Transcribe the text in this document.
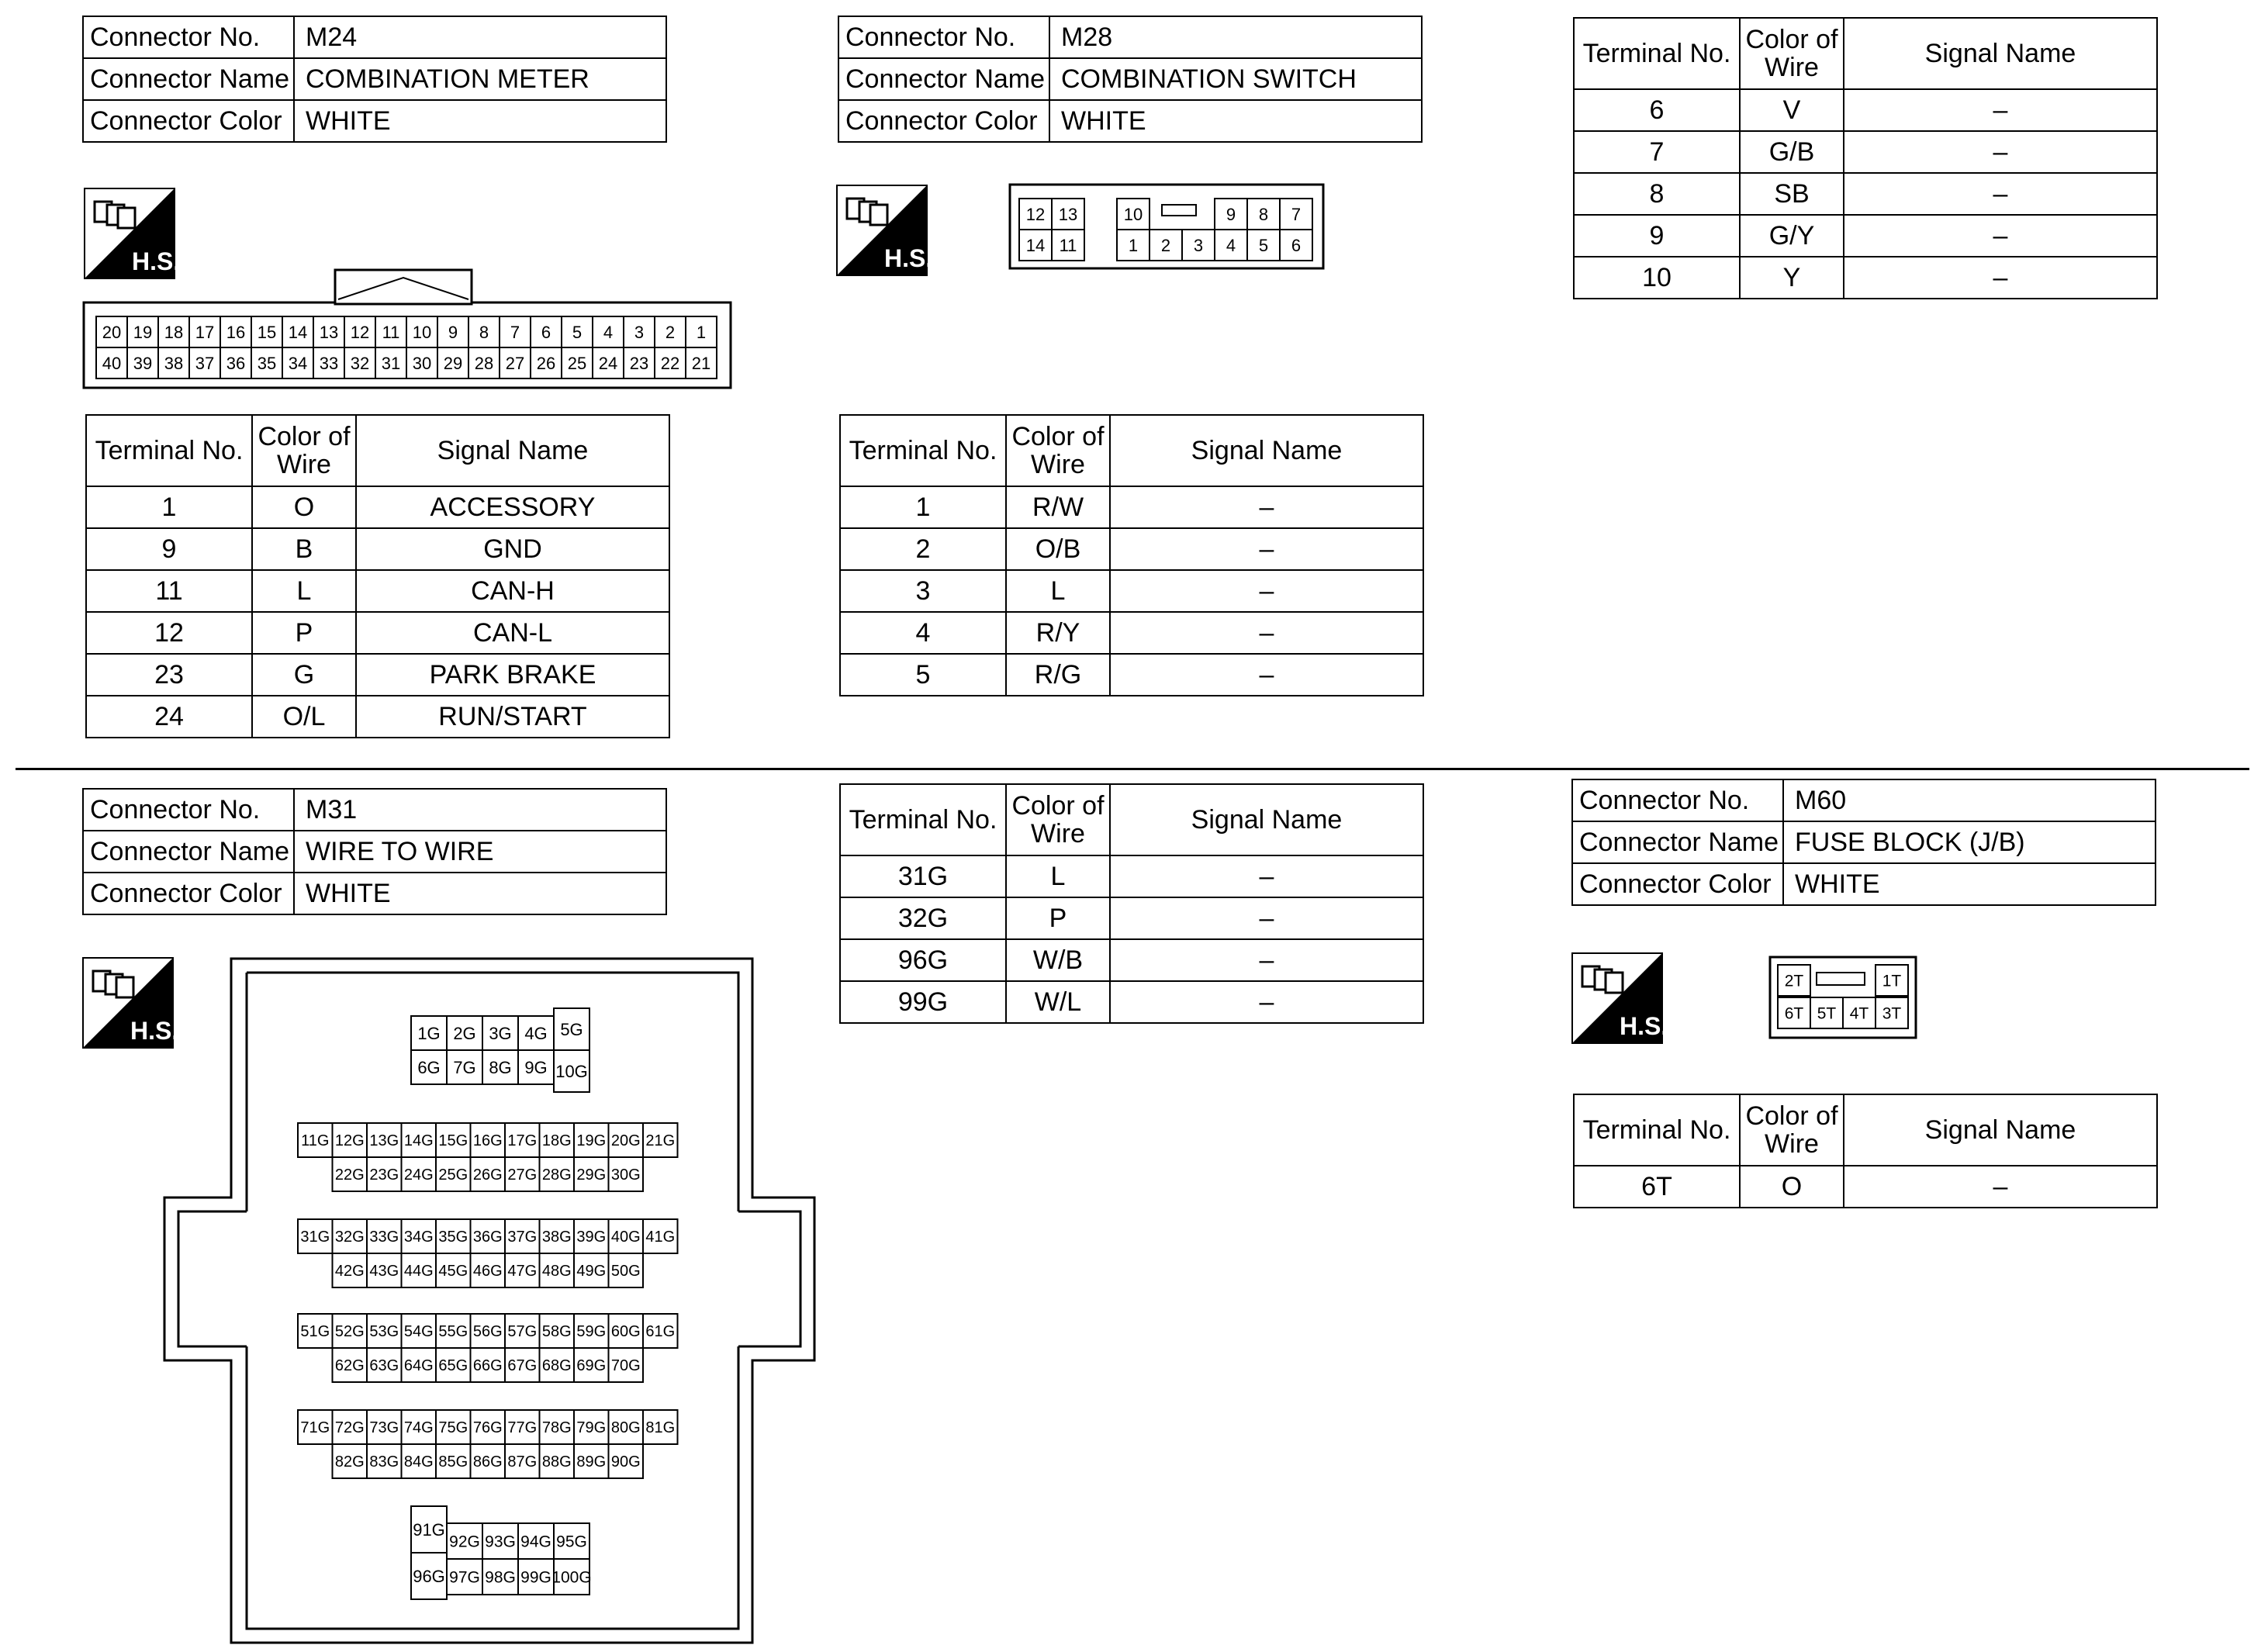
Connector No.	M24
Connector Name	COMBINATION METER
Connector Color	WHITE
H.S.
20 19 18 17 16 15 14 13 12 11 10 9 8 7 6 5 4 3 2 1
40 39 38 37 36 35 34 33 32 31 30 29 28 27 26 25 24 23 22 21
Terminal No.	Color of Wire	Signal Name
1	O	ACCESSORY
9	B	GND
11	L	CAN-H
12	P	CAN-L
23	G	PARK BRAKE
24	O/L	RUN/START
Connector No.	M28
Connector Name	COMBINATION SWITCH
Connector Color	WHITE
H.S.
12 13	10	9 8 7
14 11	1 2 3 4 5 6
Terminal No.	Color of Wire	Signal Name
1	R/W	–
2	O/B	–
3	L	–
4	R/Y	–
5	R/G	–
Terminal No.	Color of Wire	Signal Name
6	V	–
7	G/B	–
8	SB	–
9	G/Y	–
10	Y	–
Connector No.	M31
Connector Name	WIRE TO WIRE
Connector Color	WHITE
H.S.	1G 2G 3G 4G 5G
6G 7G 8G 9G 10G
11G 12G 13G 14G 15G 16G 17G 18G 19G 20G 21G
22G 23G 24G 25G 26G 27G 28G 29G 30G
31G 32G 33G 34G 35G 36G 37G 38G 39G 40G 41G
42G 43G 44G 45G 46G 47G 48G 49G 50G
51G 52G 53G 54G 55G 56G 57G 58G 59G 60G 61G
62G 63G 64G 65G 66G 67G 68G 69G 70G
71G 72G 73G 74G 75G 76G 77G 78G 79G 80G 81G
82G 83G 84G 85G 86G 87G 88G 89G 90G
91G
96G
92G 93G 94G 95G
97G 98G 99G 100G
Terminal No.	Color of Wire	Signal Name
31G	L	–
32G	P	–
96G	W/B	–
99G	W/L	–
Connector No.	M60
Connector Name	FUSE BLOCK (J/B)
Connector Color	WHITE
H.S.
2T	1T
6T 5T 4T 3T
Terminal No.	Color of Wire	Signal Name
6T	O	–
